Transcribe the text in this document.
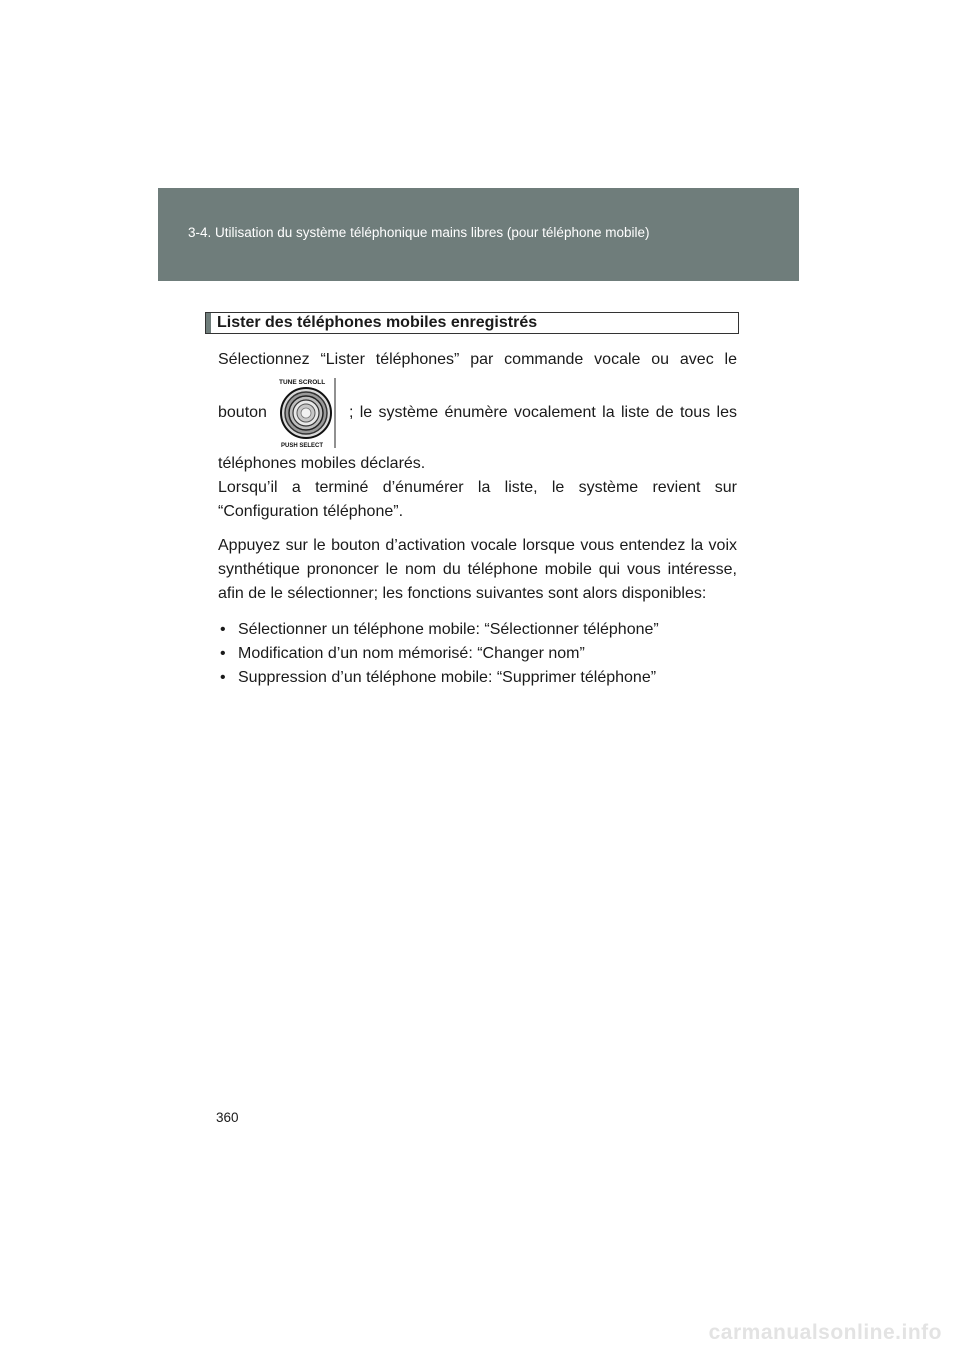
3-4. Utilisation du système téléphonique mains libres (pour téléphone mobile)
Lister des téléphones mobiles enregistrés
Sélectionnez “Lister téléphones” par commande vocale ou avec le
bouton
TUNE SCROLL
PUSH SELECT
; le système énumère vocalement la liste de tous les

téléphones mobiles déclarés.

Lorsqu’il a terminé d’énumérer la liste, le système revient sur “Configuration téléphone”.

Appuyez sur le bouton d’activation vocale lorsque vous entendez la voix synthétique prononcer le nom du téléphone mobile qui vous intéresse, afin de le sélectionner; les fonctions suivantes sont alors disponibles:

• Sélectionner un téléphone mobile: “Sélectionner téléphone”
• Modification d’un nom mémorisé: “Changer nom”
• Suppression d’un téléphone mobile: “Supprimer téléphone”
360
carmanualsonline.info
